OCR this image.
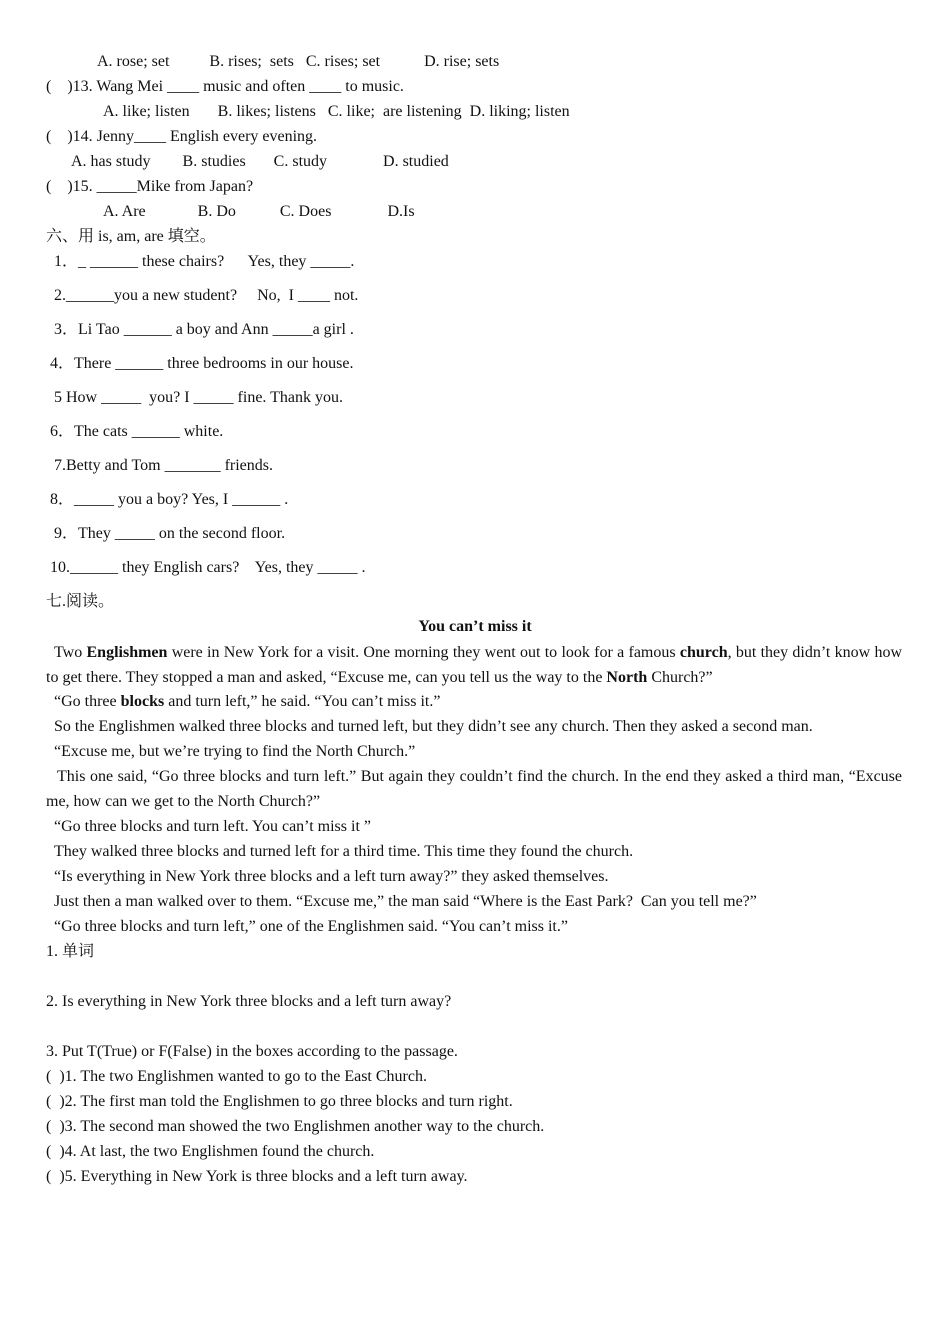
A. rose; set          B. rises;  sets   C. rises; set           D. rise; sets
(    )13. Wang Mei ____ music and often ____ to music.
A. like; listen       B. likes; listens   C. like;  are listening  D. liking; listen
(    )14. Jenny____ English every evening.
A. has study        B. studies       C. study              D. studied
(    )15. _____Mike from Japan?
A. Are             B. Do           C. Does              D.Is
六、用 is, am, are 填空。
1．_ ______ these chairs?      Yes, they _____.
2.______you a new student?     No,  I ____ not.
3．Li Tao ______ a boy and Ann _____a girl .
4．There ______ three bedrooms in our house.
5 How _____  you? I _____ fine. Thank you.
6．The cats ______ white.
7.Betty and Tom _______ friends.
8．_____ you a boy? Yes, I ______ .
9．They _____ on the second floor.
10.______ they English cars?    Yes, they _____ .
七.阅读。
You can’t miss it
Two Englishmen were in New York for a visit. One morning they went out to look for a famous church, but they didn’t know how to get there. They stopped a man and asked, “Excuse me, can you tell us the way to the North Church?”
“Go three blocks and turn left,” he said. “You can’t miss it.”
So the Englishmen walked three blocks and turned left, but they didn’t see any church. Then they asked a second man.
“Excuse me, but we’re trying to find the North Church.”
This one said, “Go three blocks and turn left.” But again they couldn’t find the church. In the end they asked a third man, “Excuse me, how can we get to the North Church?”
“Go three blocks and turn left. You can’t miss it ”
They walked three blocks and turned left for a third time. This time they found the church.
“Is everything in New York three blocks and a left turn away?” they asked themselves.
Just then a man walked over to them. “Excuse me,” the man said “Where is the East Park?  Can you tell me?”
“Go three blocks and turn left,” one of the Englishmen said. “You can’t miss it.”
1. 单词
2. Is everything in New York three blocks and a left turn away?
3. Put T(True) or F(False) in the boxes according to the passage.
(  )1. The two Englishmen wanted to go to the East Church.
(  )2. The first man told the Englishmen to go three blocks and turn right.
(  )3. The second man showed the two Englishmen another way to the church.
(  )4. At last, the two Englishmen found the church.
(  )5. Everything in New York is three blocks and a left turn away.
